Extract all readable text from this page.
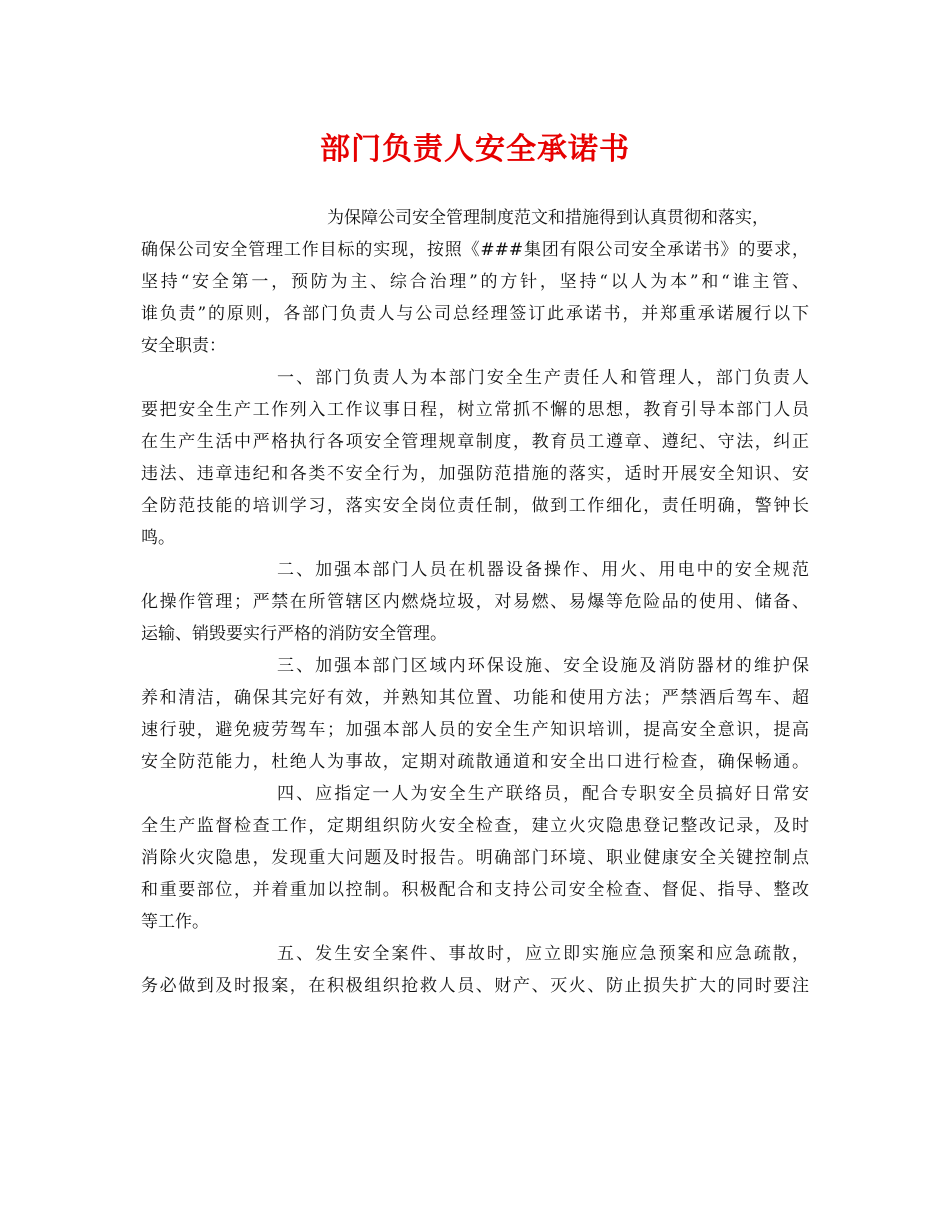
部门负责人安全承诺书
为保障公司安全管理制度范文和措施得到认真贯彻和落实，
确保公司安全管理工作目标的实现，按照《###集团有限公司安全承诺书》的要求，
坚持“安全第一，预防为主、综合治理”的方针，坚持“以人为本”和“谁主管、
谁负责”的原则，各部门负责人与公司总经理签订此承诺书，并郑重承诺履行以下
安全职责：
一、部门负责人为本部门安全生产责任人和管理人，部门负责人
要把安全生产工作列入工作议事日程，树立常抓不懈的思想，教育引导本部门人员
在生产生活中严格执行各项安全管理规章制度，教育员工遵章、遵纪、守法，纠正
违法、违章违纪和各类不安全行为，加强防范措施的落实，适时开展安全知识、安
全防范技能的培训学习，落实安全岗位责任制，做到工作细化，责任明确，警钟长
鸣。
二、加强本部门人员在机器设备操作、用火、用电中的安全规范
化操作管理；严禁在所管辖区内燃烧垃圾，对易燃、易爆等危险品的使用、储备、
运输、销毁要实行严格的消防安全管理。
三、加强本部门区域内环保设施、安全设施及消防器材的维护保
养和清洁，确保其完好有效，并熟知其位置、功能和使用方法；严禁酒后驾车、超
速行驶，避免疲劳驾车；加强本部人员的安全生产知识培训，提高安全意识，提高
安全防范能力，杜绝人为事故，定期对疏散通道和安全出口进行检查，确保畅通。
四、应指定一人为安全生产联络员，配合专职安全员搞好日常安
全生产监督检查工作，定期组织防火安全检查，建立火灾隐患登记整改记录，及时
消除火灾隐患，发现重大问题及时报告。明确部门环境、职业健康安全关键控制点
和重要部位，并着重加以控制。积极配合和支持公司安全检查、督促、指导、整改
等工作。
五、发生安全案件、事故时，应立即实施应急预案和应急疏散，
务必做到及时报案，在积极组织抢救人员、财产、灭火、防止损失扩大的同时要注
